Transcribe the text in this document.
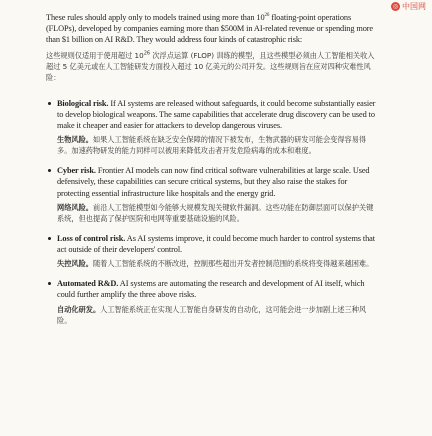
◎ 中国网

These rules should apply only to models trained using more than $10^{26}$ floating-point operations (FLOPs), developed by companies earning more than $500M in AI-related revenue or spending more than $1 billion on AI R&D. They would address four kinds of catastrophic risk:

这些规则仅适用于使用超过 $10^{26}$ 次浮点运算 (FLOP) 训练的模型，且这些模型必须由人工智能相关收入超过 5 亿美元或在人工智能研发方面投入超过 10 亿美元的公司开发。这些规则旨在应对四种灾难性风险：

Biological risk. If AI systems are released without safeguards, it could become substantially easier to develop biological weapons. The same capabilities that accelerate drug discovery can be used to make it cheaper and easier for attackers to develop dangerous viruses.

生物风险。如果人工智能系统在缺乏安全保障的情况下被发布，生物武器的研发可能会变得容易得多。加速药物研发的能力同样可以被用来降低攻击者开发危险病毒的成本和难度。

Cyber risk. Frontier AI models can now find critical software vulnerabilities at large scale. Used defensively, these capabilities can secure critical systems, but they also raise the stakes for protecting essential infrastructure like hospitals and the energy grid.

网络风险。前沿人工智能模型如今能够大规模发现关键软件漏洞。这些功能在防御层面可以保护关键系统，但也提高了保护医院和电网等重要基础设施的风险。

Loss of control risk. As AI systems improve, it could become much harder to control systems that act outside of their developers' control.

失控风险。随着人工智能系统的不断改进，控制那些超出开发者控制范围的系统将变得越来越困难。

Automated R&D. AI systems are automating the research and development of AI itself, which could further amplify the three above risks.

自动化研发。人工智能系统正在实现人工智能自身研发的自动化，这可能会进一步加剧上述三种风险。
